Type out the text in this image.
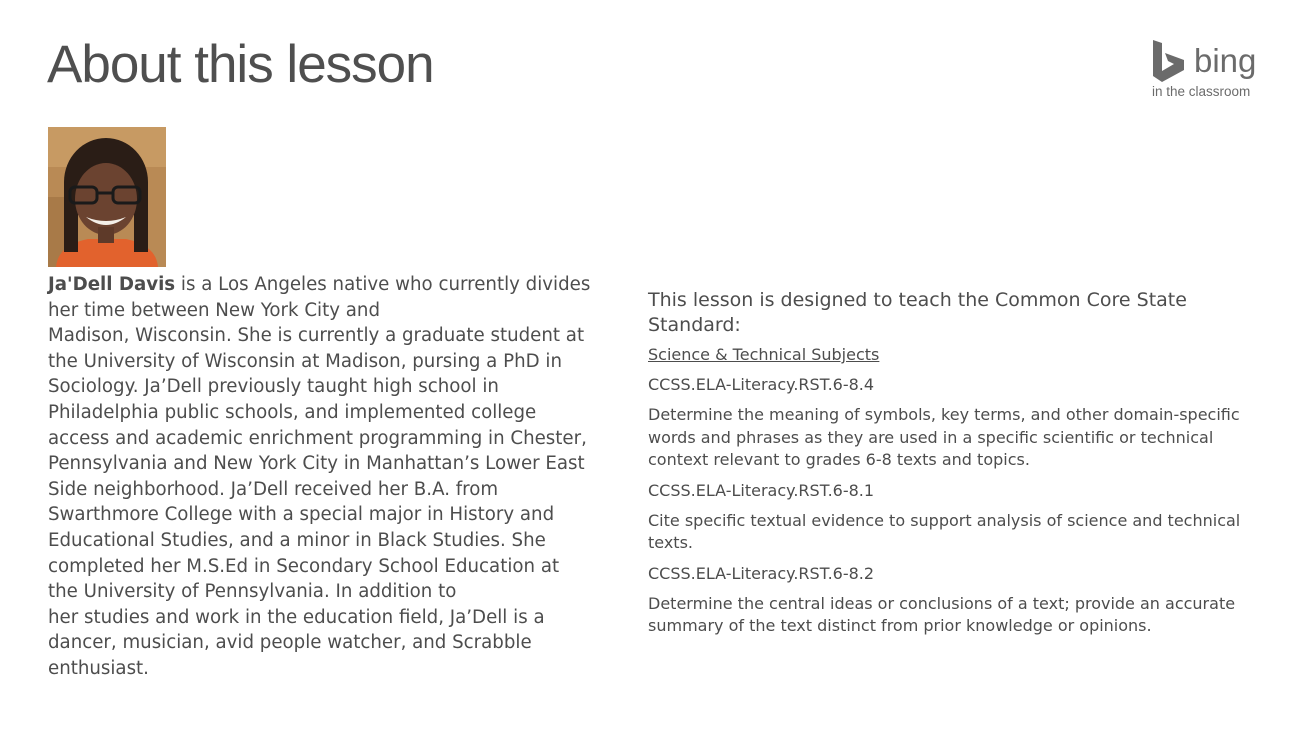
About this lesson	bing
in the classroom

Ja'Dell Davis is a Los Angeles native who currently divides

her time between New York City and

Madison, Wisconsin. She is currently a graduate student at

the University of Wisconsin at Madison, pursing a PhD in

Sociology. Ja’Dell previously taught high school in

Philadelphia public schools, and implemented college

access and academic enrichment programming in Chester,

Pennsylvania and New York City in Manhattan’s Lower East

Side neighborhood. Ja’Dell received her B.A. from

Swarthmore College with a special major in History and

Educational Studies, and a minor in Black Studies. She

completed her M.S.Ed in Secondary School Education at

the University of Pennsylvania. In addition to

her studies and work in the education field, Ja’Dell is a

dancer, musician, avid people watcher, and Scrabble

enthusiast.

This lesson is designed to teach the Common Core State Standard:

Science & Technical Subjects

CCSS.ELA-Literacy.RST.6-8.4

Determine the meaning of symbols, key terms, and other domain-specific words and phrases as they are used in a specific scientific or technical context relevant to grades 6-8 texts and topics.

CCSS.ELA-Literacy.RST.6-8.1

Cite specific textual evidence to support analysis of science and technical texts.

CCSS.ELA-Literacy.RST.6-8.2

Determine the central ideas or conclusions of a text; provide an accurate summary of the text distinct from prior knowledge or opinions.
